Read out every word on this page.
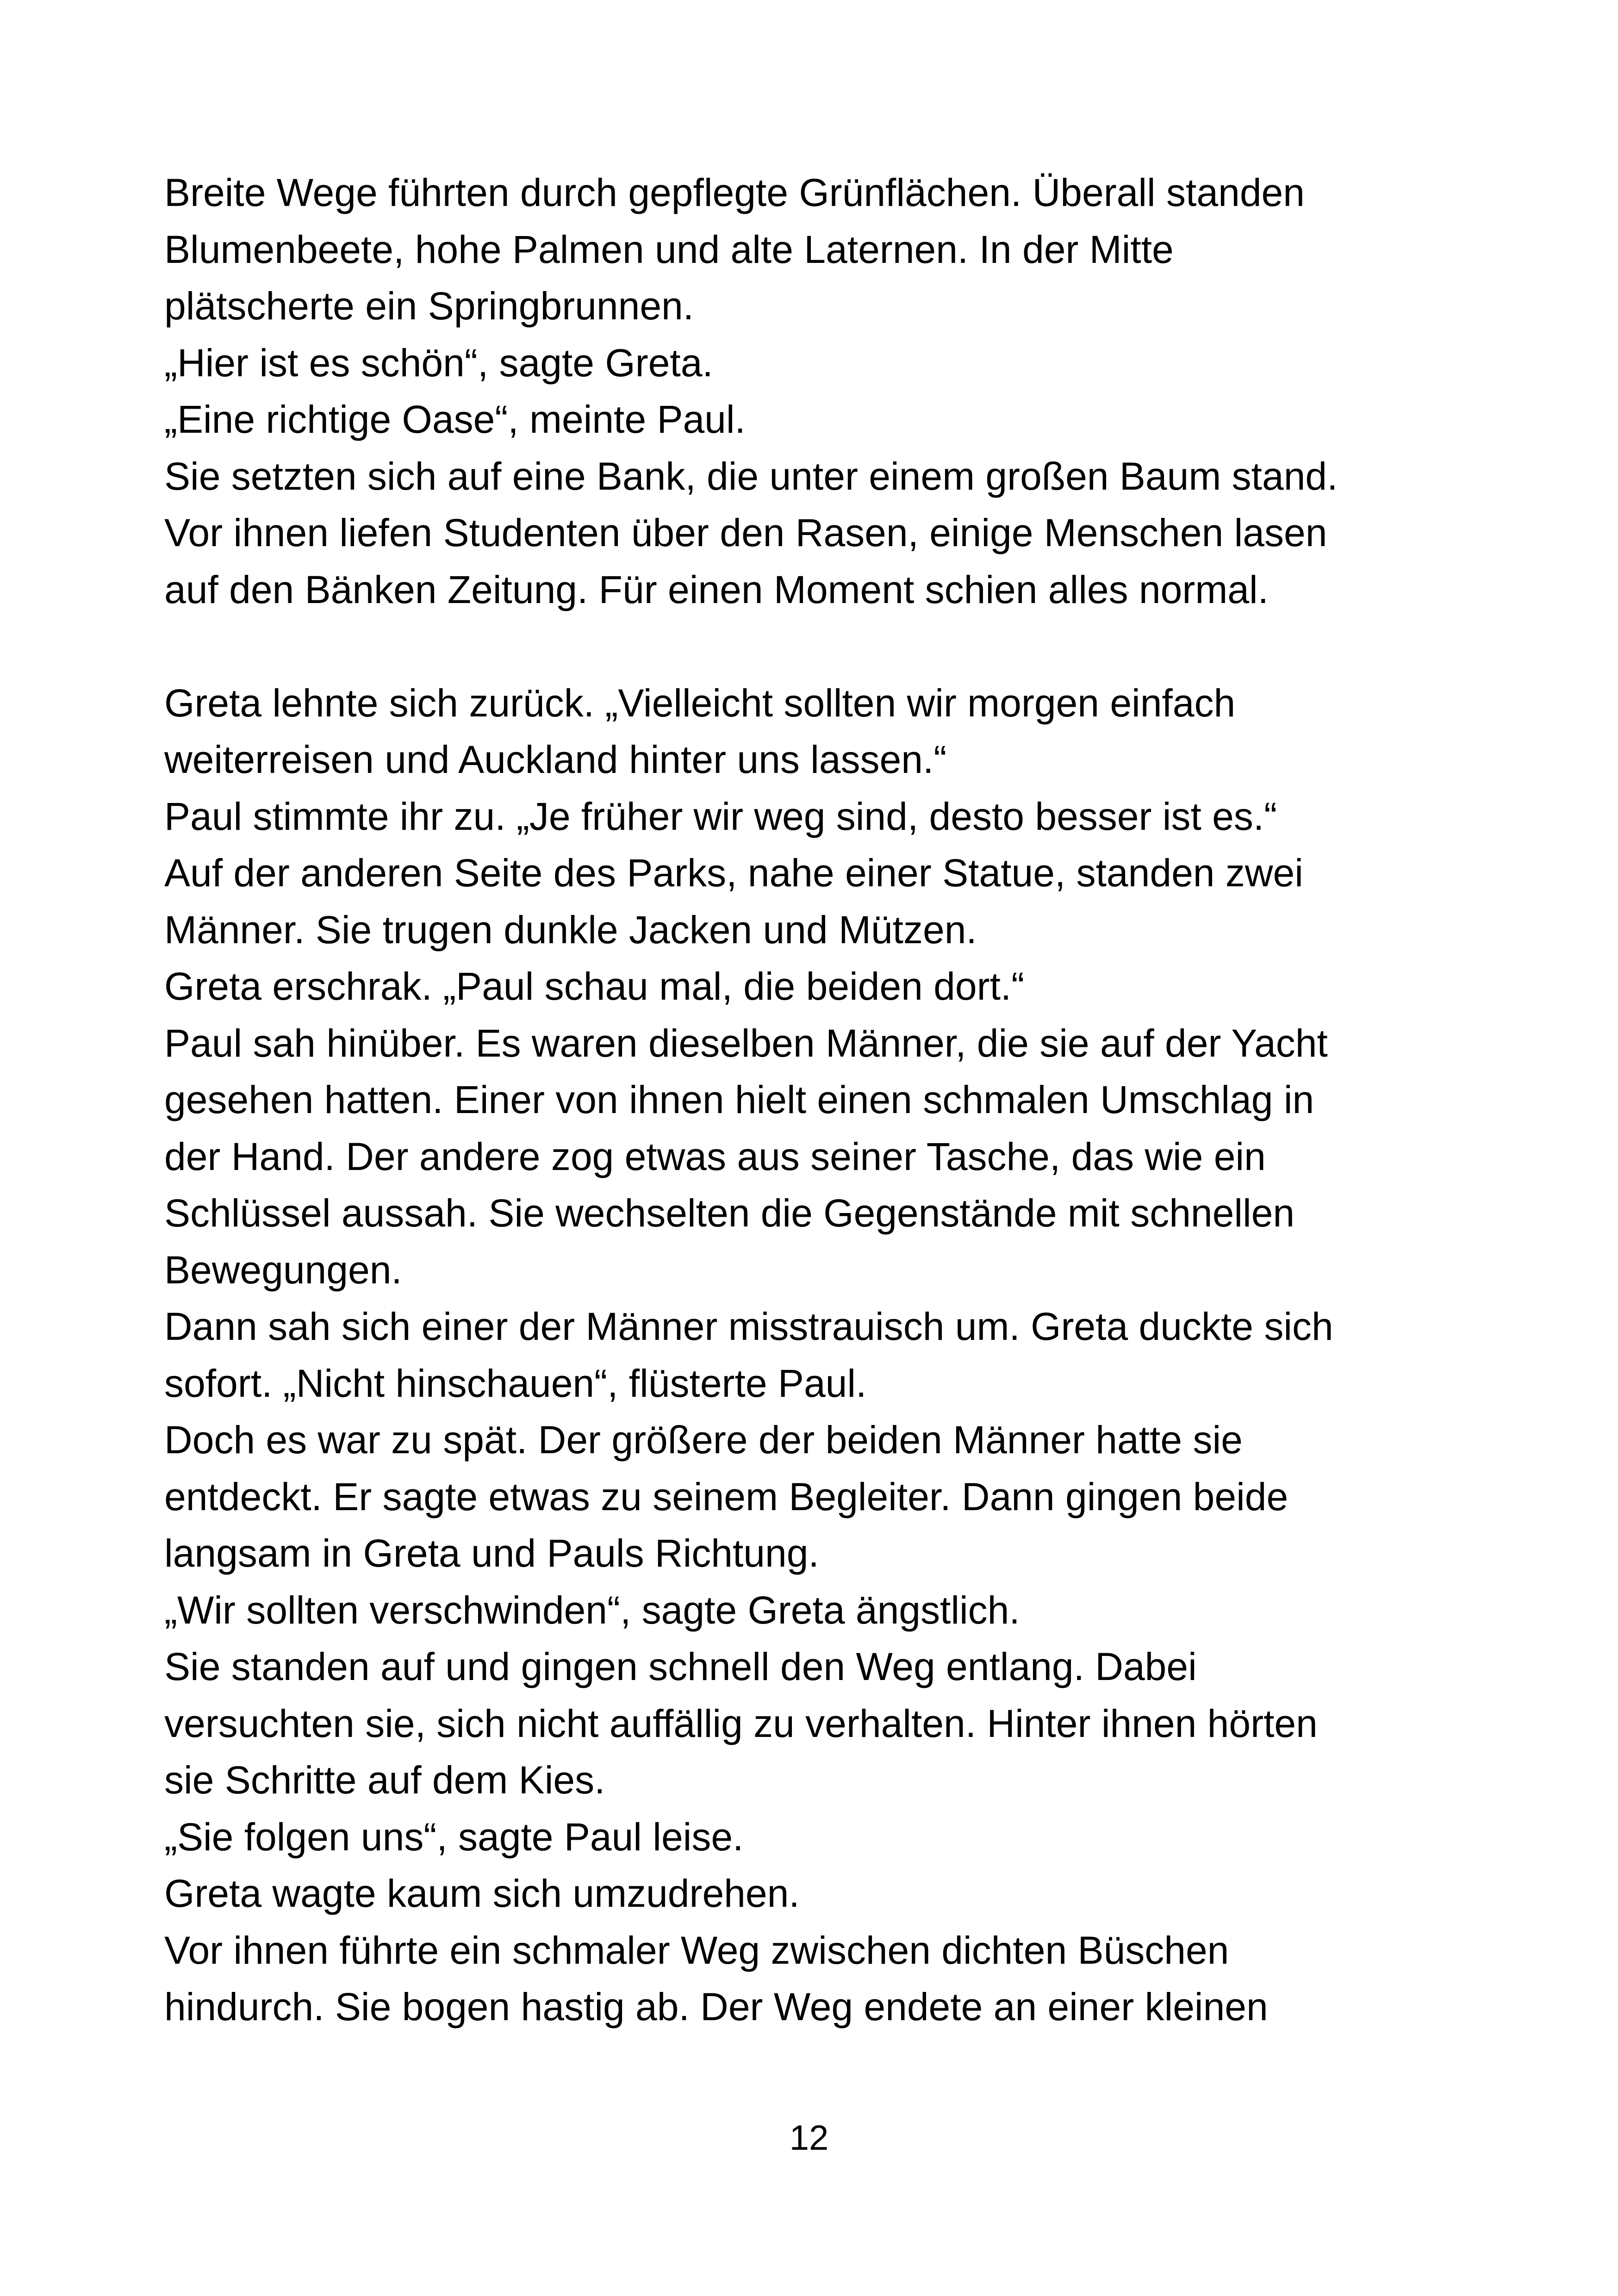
Breite Wege führten durch gepflegte Grünflächen. Überall standen
Blumenbeete, hohe Palmen und alte Laternen. In der Mitte
plätscherte ein Springbrunnen.
„Hier ist es schön“, sagte Greta.
„Eine richtige Oase“, meinte Paul.
Sie setzten sich auf eine Bank, die unter einem großen Baum stand.
Vor ihnen liefen Studenten über den Rasen, einige Menschen lasen
auf den Bänken Zeitung. Für einen Moment schien alles normal.
Greta lehnte sich zurück. „Vielleicht sollten wir morgen einfach
weiterreisen und Auckland hinter uns lassen.“
Paul stimmte ihr zu. „Je früher wir weg sind, desto besser ist es.“
Auf der anderen Seite des Parks, nahe einer Statue, standen zwei
Männer. Sie trugen dunkle Jacken und Mützen.
Greta erschrak. „Paul schau mal, die beiden dort.“
Paul sah hinüber. Es waren dieselben Männer, die sie auf der Yacht
gesehen hatten. Einer von ihnen hielt einen schmalen Umschlag in
der Hand. Der andere zog etwas aus seiner Tasche, das wie ein
Schlüssel aussah. Sie wechselten die Gegenstände mit schnellen
Bewegungen.
Dann sah sich einer der Männer misstrauisch um. Greta duckte sich
sofort. „Nicht hinschauen“, flüsterte Paul.
Doch es war zu spät. Der größere der beiden Männer hatte sie
entdeckt. Er sagte etwas zu seinem Begleiter. Dann gingen beide
langsam in Greta und Pauls Richtung.
„Wir sollten verschwinden“, sagte Greta ängstlich.
Sie standen auf und gingen schnell den Weg entlang. Dabei
versuchten sie, sich nicht auffällig zu verhalten. Hinter ihnen hörten
sie Schritte auf dem Kies.
„Sie folgen uns“, sagte Paul leise.
Greta wagte kaum sich umzudrehen.
Vor ihnen führte ein schmaler Weg zwischen dichten Büschen
hindurch. Sie bogen hastig ab. Der Weg endete an einer kleinen
12
